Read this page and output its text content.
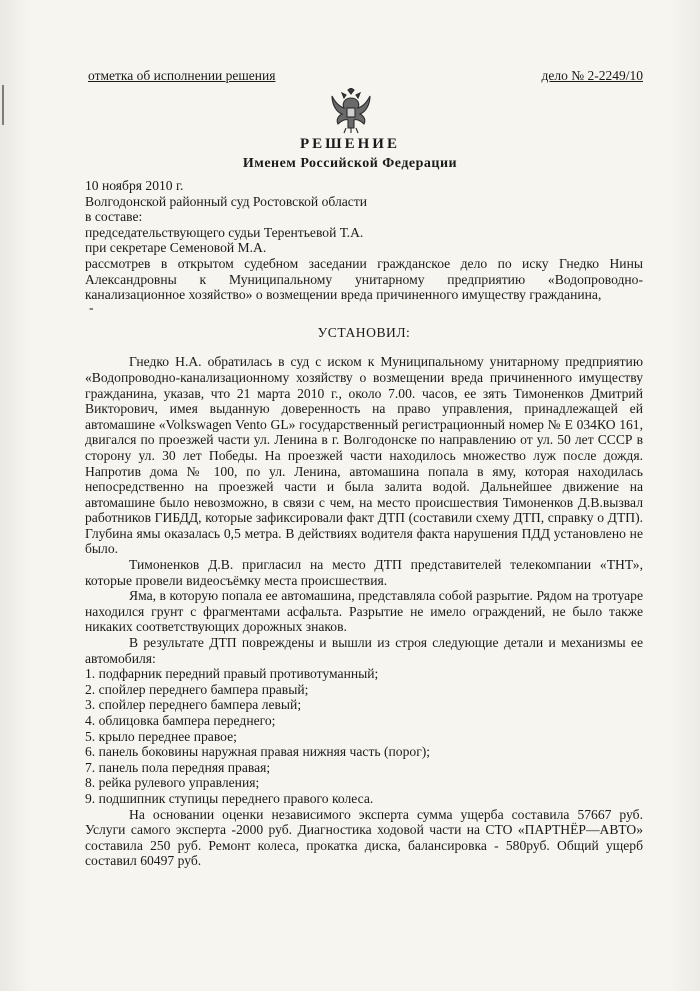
отметка об исполнении решения	дело № 2-2249/10
РЕШЕНИЕ
Именем Российской Федерации

10 ноября 2010 г.

Волгодонской районный суд Ростовской области

в составе:

председательствующего судьи Терентьевой Т.А.

при секретаре Семеновой М.А.

рассмотрев в открытом судебном заседании гражданское дело по иску Гнедко Нины Александровны к Муниципальному унитарному предприятию «Водопроводно-канализационное хозяйство» о возмещении вреда причиненного имуществу гражданина,

-

УСТАНОВИЛ:

Гнедко Н.А. обратилась в суд с иском к Муниципальному унитарному предприятию «Водопроводно-канализационному хозяйству о возмещении вреда причиненного имуществу гражданина, указав, что 21 марта 2010 г., около 7.00. часов, ее зять Тимоненков Дмитрий Викторович, имея выданную доверенность на право управления, принадлежащей ей автомашине «Volkswagen Vento GL» государственный регистрационный номер № Е 034КО 161, двигался по проезжей части ул. Ленина в г. Волгодонске по направлению от ул. 50 лет СССР в сторону ул. 30 лет Победы. На проезжей части находилось множество луж после дождя. Напротив дома № 100, по ул. Ленина, автомашина попала в яму, которая находилась непосредственно на проезжей части и была залита водой. Дальнейшее движение на автомашине было невозможно, в связи с чем, на место происшествия Тимоненков Д.В.вызвал работников ГИБДД, которые зафиксировали факт ДТП (составили схему ДТП, справку о ДТП). Глубина ямы оказалась 0,5 метра. В действиях водителя факта нарушения ПДД установлено не было.

Тимоненков Д.В. пригласил на место ДТП представителей телекомпании «ТНТ», которые провели видеосъёмку места происшествия.

Яма, в которую попала ее автомашина, представляла собой разрытие. Рядом на тротуаре находился грунт с фрагментами асфальта. Разрытие не имело ограждений, не было также никаких соответствующих дорожных знаков.

В результате ДТП повреждены и вышли из строя следующие детали и механизмы ее автомобиля:

1. подфарник передний правый противотуманный;
2. спойлер переднего бампера правый;
3. спойлер переднего бампера левый;
4. облицовка бампера переднего;
5. крыло переднее правое;
6. панель боковины наружная правая нижняя часть (порог);
7. панель пола передняя правая;
8. рейка рулевого управления;
9. подшипник ступицы переднего правого колеса.

На основании оценки независимого эксперта сумма ущерба составила 57667 руб. Услуги самого эксперта -2000 руб. Диагностика ходовой части на СТО «ПАРТНЁР—АВТО» составила 250 руб. Ремонт колеса, прокатка диска, балансировка - 580руб. Общий ущерб составил 60497 руб.
